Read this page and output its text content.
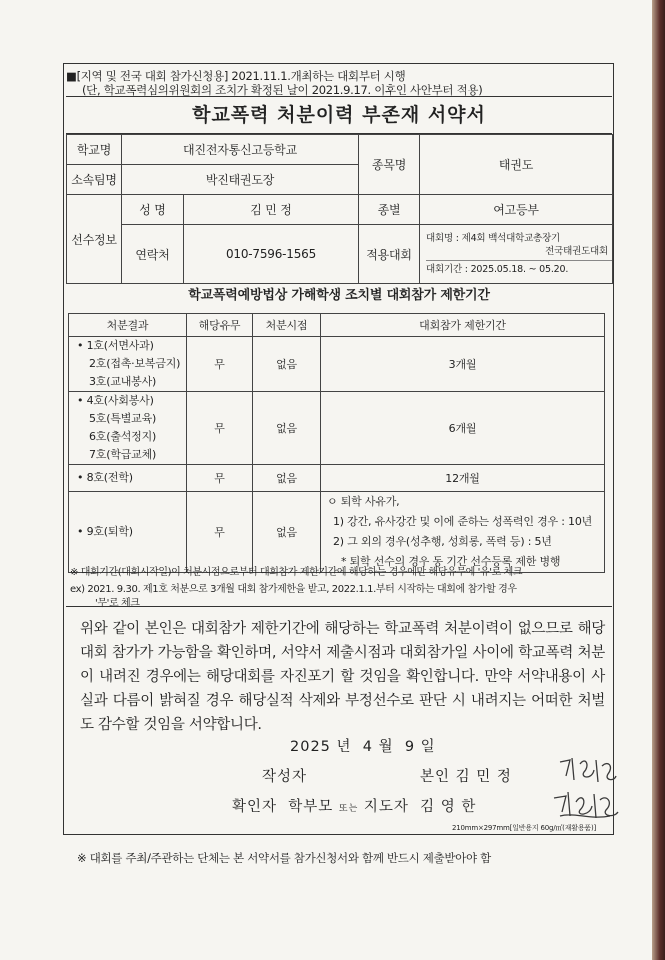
■[지역 및 전국 대회 참가신청용] 2021.11.1.개최하는 대회부터 시행
(단, 학교폭력심의위원회의 조치가 확정된 날이 2021.9.17. 이후인 사안부터 적용)
학교폭력 처분이력 부존재 서약서
학교명	대진전자통신고등학교		종목명	태권도
소속팀명	박진태권도장			
선수정보	성 명	김 민 정	종별	여고등부
	연락처	010-7596-1565	적용대회	대회명 : 제4회 백석대학교총장기
전국태권도대회
대회기간 : 2025.05.18. ~ 05.20.
학교폭력예방법상 가해학생 조치별 대회참가 제한기간
처분결과	해당유무	처분시점	대회참가 제한기간

• 1호(서면사과)
2호(접촉·보복금지)
3호(교내봉사)	무	없음	3개월

• 4호(사회봉사)
5호(특별교육)
6호(출석정지)
7호(학급교체)	무	없음	6개월
• 8호(전학)	무	없음	12개월
• 9호(퇴학)	무	없음	ㅇ 퇴학 사유가,
1) 강간, 유사강간 및 이에 준하는 성폭력인 경우 : 10년
2) 그 외의 경우(성추행, 성희롱, 폭력 등) : 5년
* 퇴학 선수의 경우 동 기간 선수등록 제한 병행
※ 대회기간(대회시작일)이 처분시점으로부터 대회참가 제한기간에 해당하는 경우에만 해당유무에 '유'로 체크
ex) 2021. 9.30. 제1호 처분으로 3개월 대회 참가제한을 받고, 2022.1.1.부터 시작하는 대회에 참가할 경우
'무'로 체크
위와 같이 본인은 대회참가 제한기간에 해당하는 학교폭력 처분이력이 없으므로 해당 대회 참가가 가능함을 확인하며, 서약서 제출시점과 대회참가일 사이에 학교폭력 처분이 내려진 경우에는 해당대회를 자진포기 할 것임을 확인합니다. 만약 서약내용이 사실과 다름이 밝혀질 경우 해당실적 삭제와 부정선수로 판단 시 내려지는 어떠한 처벌도 감수할 것임을 서약합니다.
2025 년 4 월 9 일
작성자	본인 김 민 정
확인자 학부모 또는 지도자 김 영 한
210mm×297mm[일반용지 60g/㎡(재활용품)]
※ 대회를 주최/주관하는 단체는 본 서약서를 참가신청서와 함께 반드시 제출받아야 함
